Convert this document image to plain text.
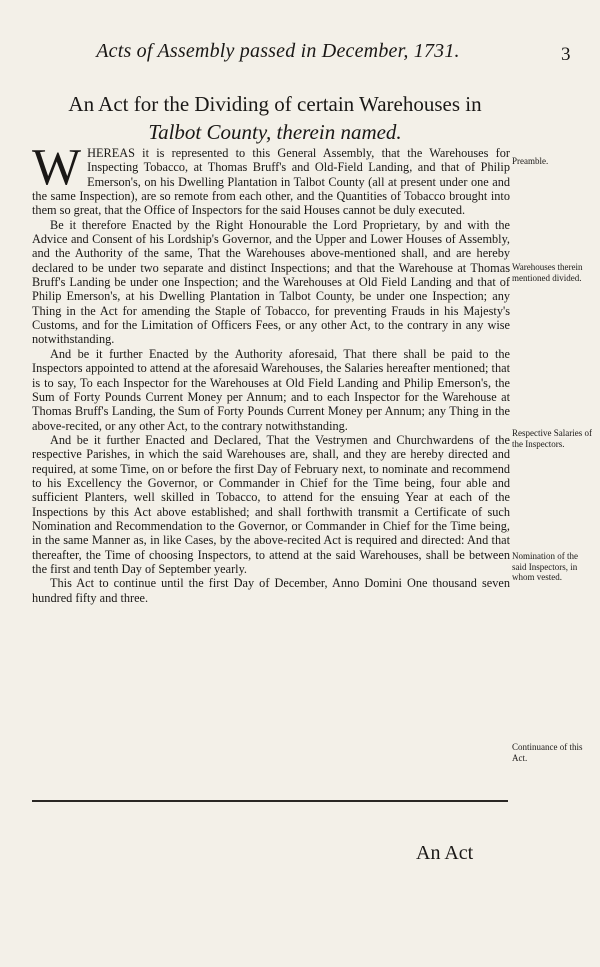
Acts of Assembly passed in December, 1731.	3
An Act for the Dividing of certain Warehouses in
Talbot County, therein named.

WHEREAS it is represented to this General Assembly, that the Warehouses for Inspecting Tobacco, at Thomas Bruff's and Old-Field Landing, and that of Philip Emerson's, on his Dwelling Plantation in Talbot County (all at present under one and the same Inspection), are so remote from each other, and the Quantities of Tobacco brought into them so great, that the Office of Inspectors for the said Houses cannot be duly executed.

Be it therefore Enacted by the Right Honourable the Lord Proprietary, by and with the Advice and Consent of his Lordship's Governor, and the Upper and Lower Houses of Assembly, and the Authority of the same, That the Warehouses above-mentioned shall, and are hereby declared to be under two separate and distinct Inspections; and that the Warehouse at Thomas Bruff's Landing be under one Inspection; and the Warehouses at Old Field Landing and that of Philip Emerson's, at his Dwelling Plantation in Talbot County, be under one Inspection; any Thing in the Act for amending the Staple of Tobacco, for preventing Frauds in his Majesty's Customs, and for the Limitation of Officers Fees, or any other Act, to the contrary in any wise notwithstanding.

And be it further Enacted by the Authority aforesaid, That there shall be paid to the Inspectors appointed to attend at the aforesaid Warehouses, the Salaries hereafter mentioned; that is to say, To each Inspector for the Warehouses at Old Field Landing and Philip Emerson's, the Sum of Forty Pounds Current Money per Annum; and to each Inspector for the Warehouse at Thomas Bruff's Landing, the Sum of Forty Pounds Current Money per Annum; any Thing in the above-recited, or any other Act, to the contrary notwithstanding.

And be it further Enacted and Declared, That the Vestrymen and Churchwardens of the respective Parishes, in which the said Warehouses are, shall, and they are hereby directed and required, at some Time, on or before the first Day of February next, to nominate and recommend to his Excellency the Governor, or Commander in Chief for the Time being, four able and sufficient Planters, well skilled in Tobacco, to attend for the ensuing Year at each of the Inspections by this Act above established; and shall forthwith transmit a Certificate of such Nomination and Recommendation to the Governor, or Commander in Chief for the Time being, in the same Manner as, in like Cases, by the above-recited Act is required and directed: And that thereafter, the Time of choosing Inspectors, to attend at the said Warehouses, shall be between the first and tenth Day of September yearly.

This Act to continue until the first Day of December, Anno Domini One thousand seven hundred fifty and three.

Preamble.
Warehouses therein mentioned divided.
Respective Salaries of the Inspectors.
Nomination of the said Inspectors, in whom vested.
Continuance of this Act.
An Act
